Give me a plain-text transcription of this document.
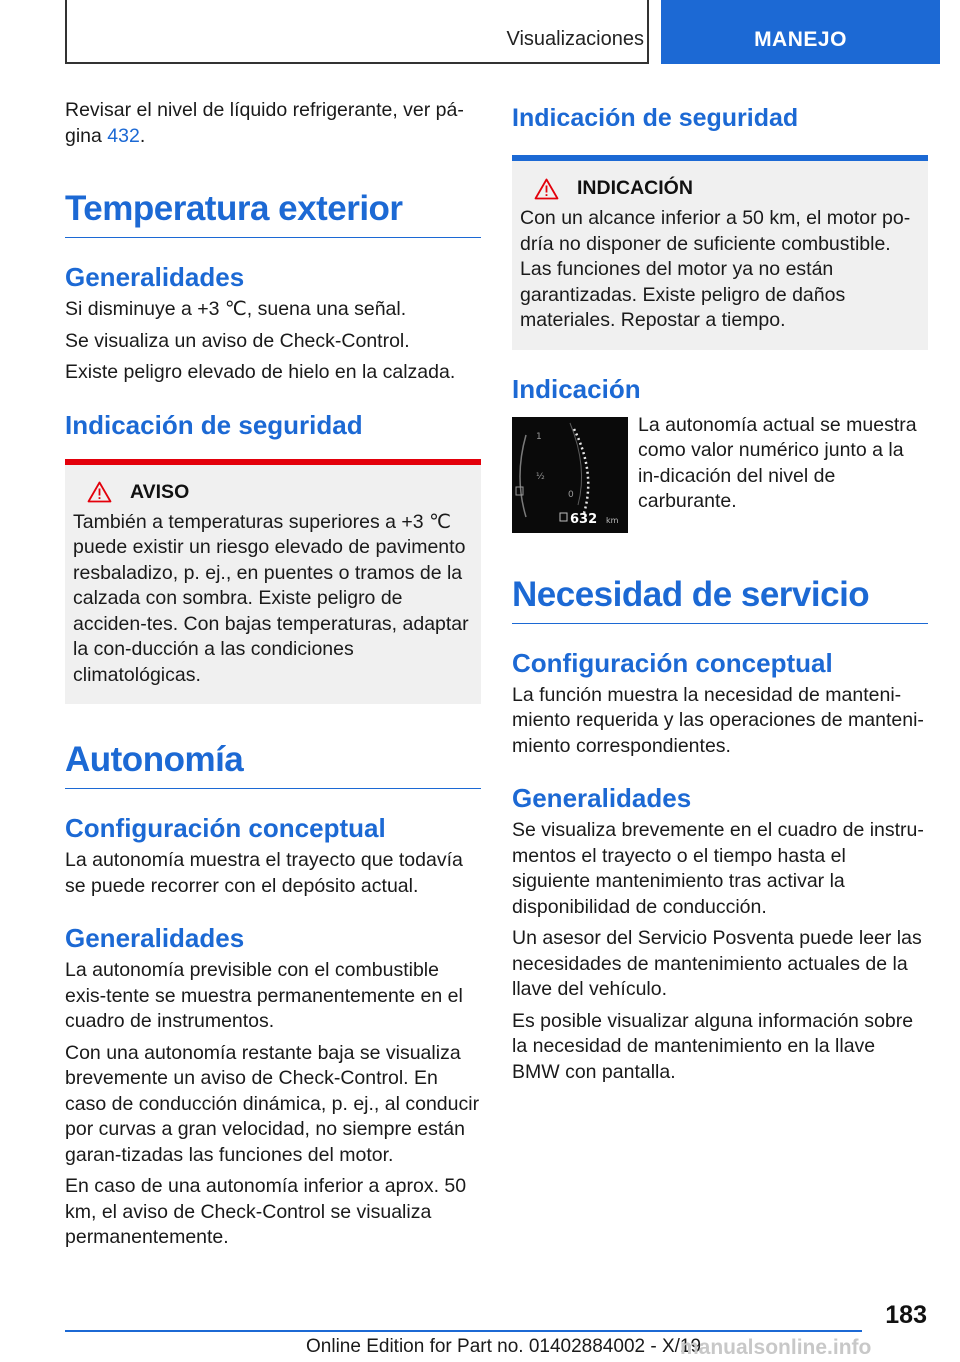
Visualizaciones	MANEJO

Revisar el nivel de líquido refrigerante, ver pá-gina 432.

Temperatura exterior
Generalidades

Si disminuye a +3 ℃, suena una señal.

Se visualiza un aviso de Check-Control.

Existe peligro elevado de hielo en la calzada.

Indicación de seguridad
AVISO

También a temperaturas superiores a +3 ℃ puede existir un riesgo elevado de pavimento resbaladizo, p. ej., en puentes o tramos de la calzada con sombra. Existe peligro de acciden-tes. Con bajas temperaturas, adaptar la con-ducción a las condiciones climatológicas.

Autonomía
Configuración conceptual

La autonomía muestra el trayecto que todavía se puede recorrer con el depósito actual.

Generalidades

La autonomía previsible con el combustible exis-tente se muestra permanentemente en el cuadro de instrumentos.

Con una autonomía restante baja se visualiza brevemente un aviso de Check-Control. En caso de conducción dinámica, p. ej., al conducir por curvas a gran velocidad, no siempre están garan-tizadas las funciones del motor.

En caso de una autonomía inferior a aprox. 50 km, el aviso de Check-Control se visualiza permanentemente.

Indicación de seguridad
INDICACIÓN

Con un alcance inferior a 50 km, el motor po-dría no disponer de suficiente combustible. Las funciones del motor ya no están garantizadas. Existe peligro de daños materiales. Repostar a tiempo.

Indicación
1
½
0
632 km

La autonomía actual se muestra como valor numérico junto a la in-dicación del nivel de carburante.

Necesidad de servicio
Configuración conceptual

La función muestra la necesidad de manteni-miento requerida y las operaciones de manteni-miento correspondientes.

Generalidades

Se visualiza brevemente en el cuadro de instru-mentos el trayecto o el tiempo hasta el siguiente mantenimiento tras activar la disponibilidad de conducción.

Un asesor del Servicio Posventa puede leer las necesidades de mantenimiento actuales de la llave del vehículo.

Es posible visualizar alguna información sobre la necesidad de mantenimiento en la llave BMW con pantalla.

183
Online Edition for Part no. 01402884002 - X/19
manualsonline.info
